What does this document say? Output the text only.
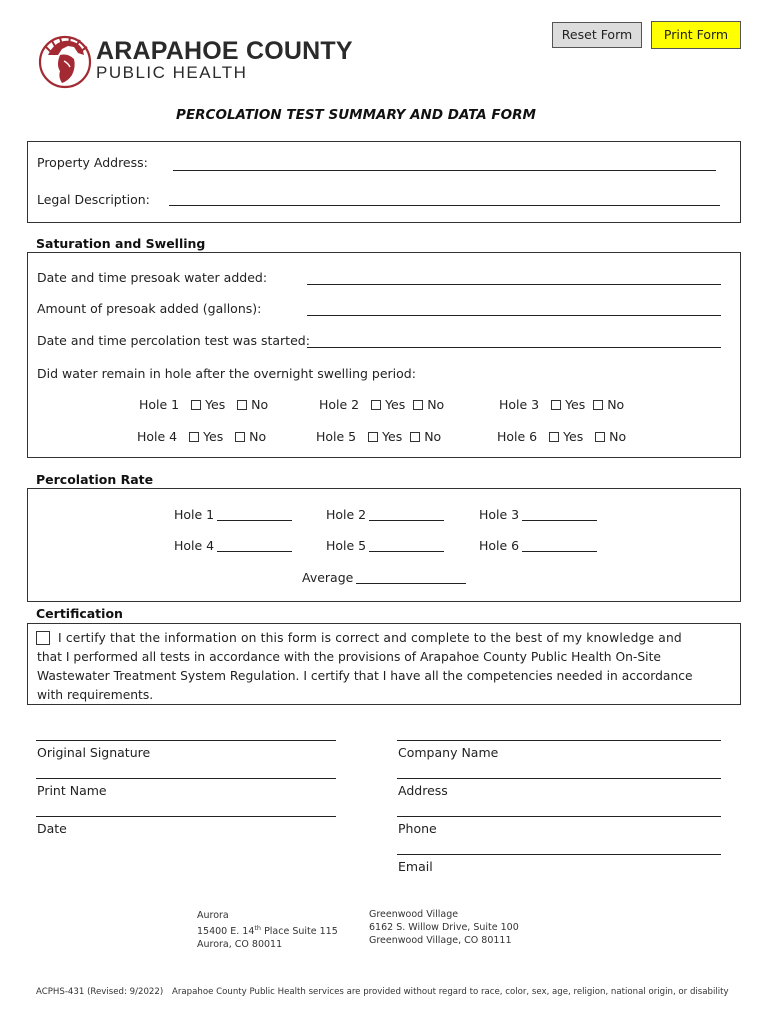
Reset Form	Print Form
ARAPAHOE COUNTY
PUBLIC HEALTH
PERCOLATION TEST SUMMARY AND DATA FORM
Property Address:
Legal Description:
Saturation and Swelling
Date and time presoak water added:
Amount of presoak added (gallons):
Date and time percolation test was started:
Did water remain in hole after the overnight swelling period:
Hole 1 Yes No	Hole 2 Yes No	Hole 3 Yes No
Hole 4 Yes No	Hole 5 Yes No	Hole 6 Yes No
Percolation Rate
Hole 1	Hole 2	Hole 3
Hole 4	Hole 5	Hole 6
Average
Certification
I certify that the information on this form is correct and complete to the best of my knowledge and
that I performed all tests in accordance with the provisions of Arapahoe County Public Health On-Site
Wastewater Treatment System Regulation. I certify that I have all the competencies needed in accordance
with requirements.
Original Signature
Print Name
Date
Company Name
Address
Phone
Email
Aurora
15400 E. 14th Place Suite 115
Aurora, CO 80011
Greenwood Village
6162 S. Willow Drive, Suite 100
Greenwood Village, CO 80111
ACPHS-431 (Revised: 9/2022) Arapahoe County Public Health services are provided without regard to race, color, sex, age, religion, national origin, or disability
